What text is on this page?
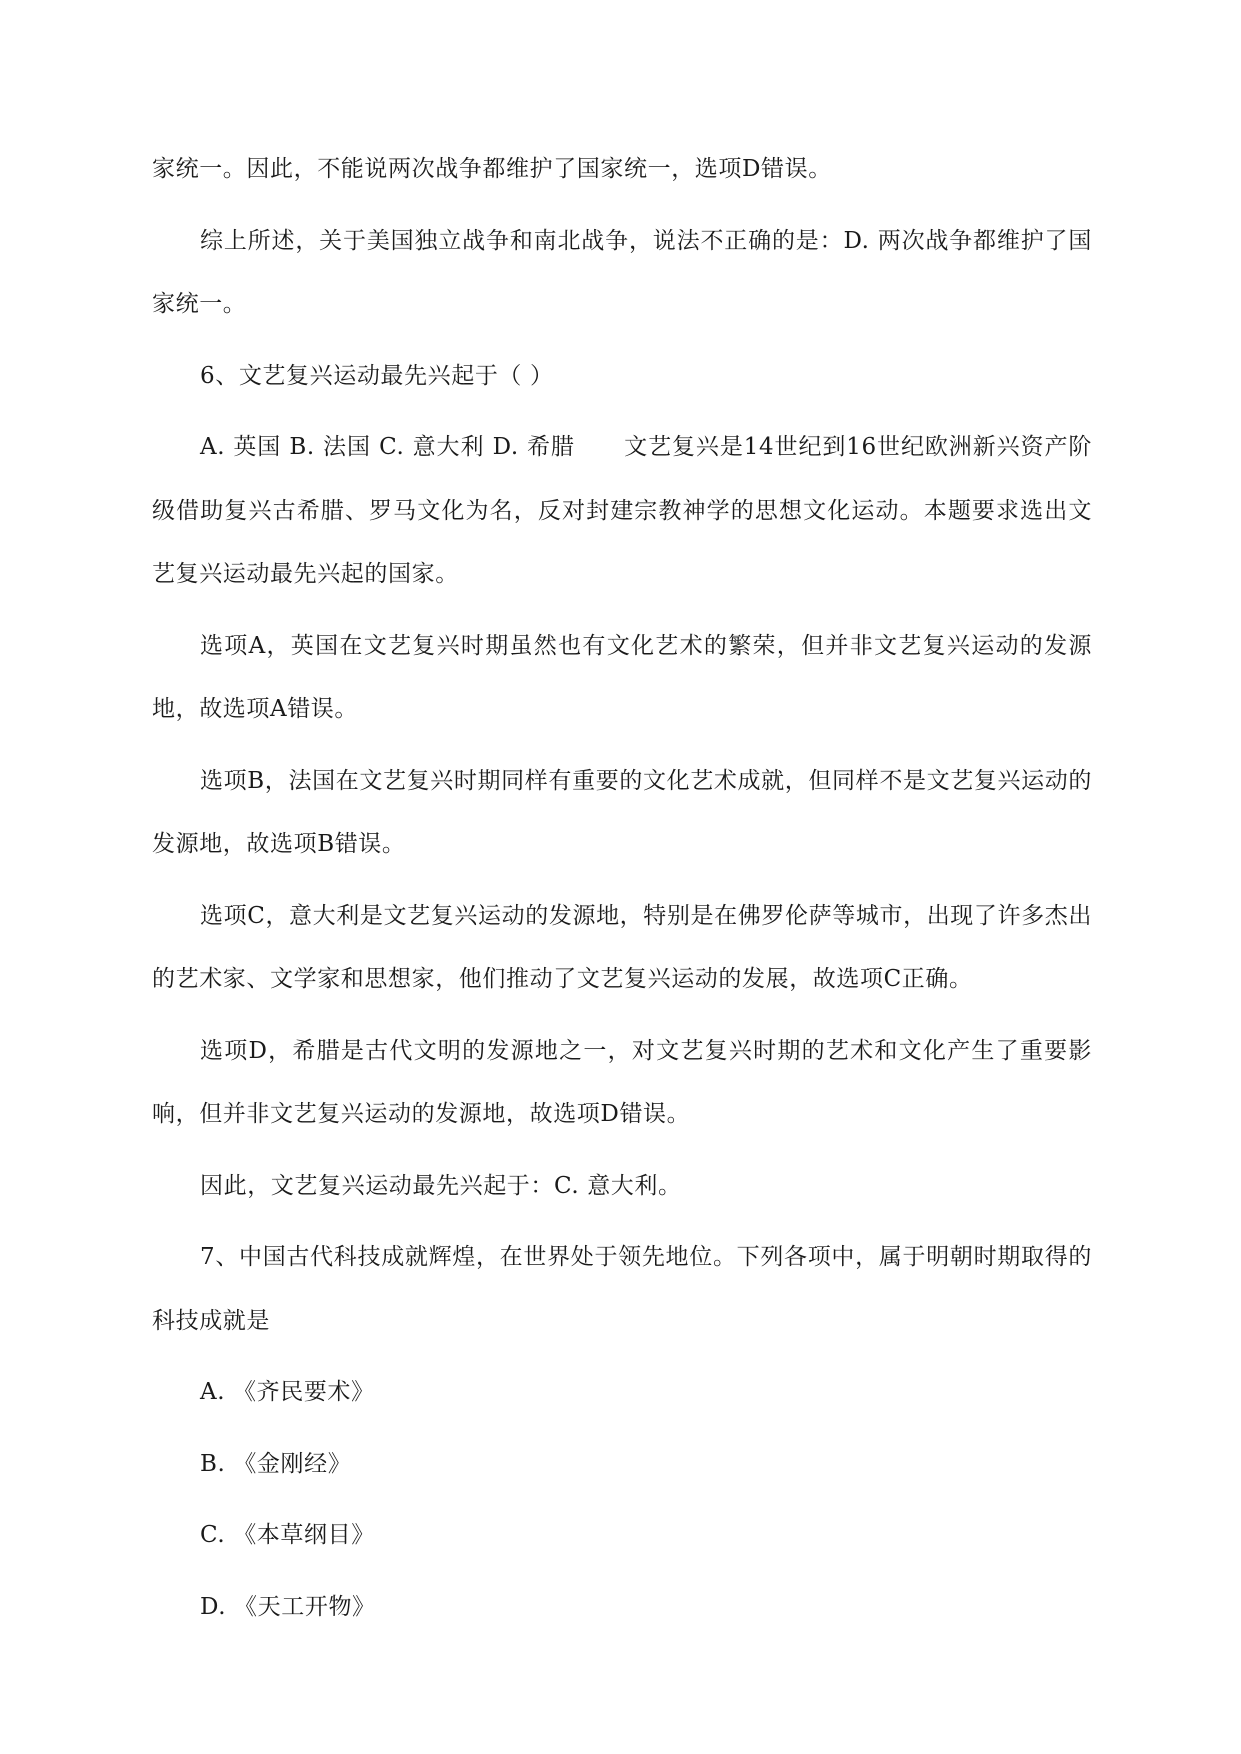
家统一。因此，不能说两次战争都维护了国家统一，选项D错误。

综上所述，关于美国独立战争和南北战争，说法不正确的是：D. 两次战争都维护了国家统一。

6、文艺复兴运动最先兴起于（ ）

A. 英国 B. 法国 C. 意大利 D. 希腊      文艺复兴是14世纪到16世纪欧洲新兴资产阶级借助复兴古希腊、罗马文化为名，反对封建宗教神学的思想文化运动。本题要求选出文艺复兴运动最先兴起的国家。

选项A，英国在文艺复兴时期虽然也有文化艺术的繁荣，但并非文艺复兴运动的发源地，故选项A错误。

选项B，法国在文艺复兴时期同样有重要的文化艺术成就，但同样不是文艺复兴运动的发源地，故选项B错误。

选项C，意大利是文艺复兴运动的发源地，特别是在佛罗伦萨等城市，出现了许多杰出的艺术家、文学家和思想家，他们推动了文艺复兴运动的发展，故选项C正确。

选项D，希腊是古代文明的发源地之一，对文艺复兴时期的艺术和文化产生了重要影响，但并非文艺复兴运动的发源地，故选项D错误。

因此，文艺复兴运动最先兴起于：C. 意大利。

7、中国古代科技成就辉煌，在世界处于领先地位。下列各项中，属于明朝时期取得的科技成就是

A. 《齐民要术》

B. 《金刚经》

C. 《本草纲目》

D. 《天工开物》
